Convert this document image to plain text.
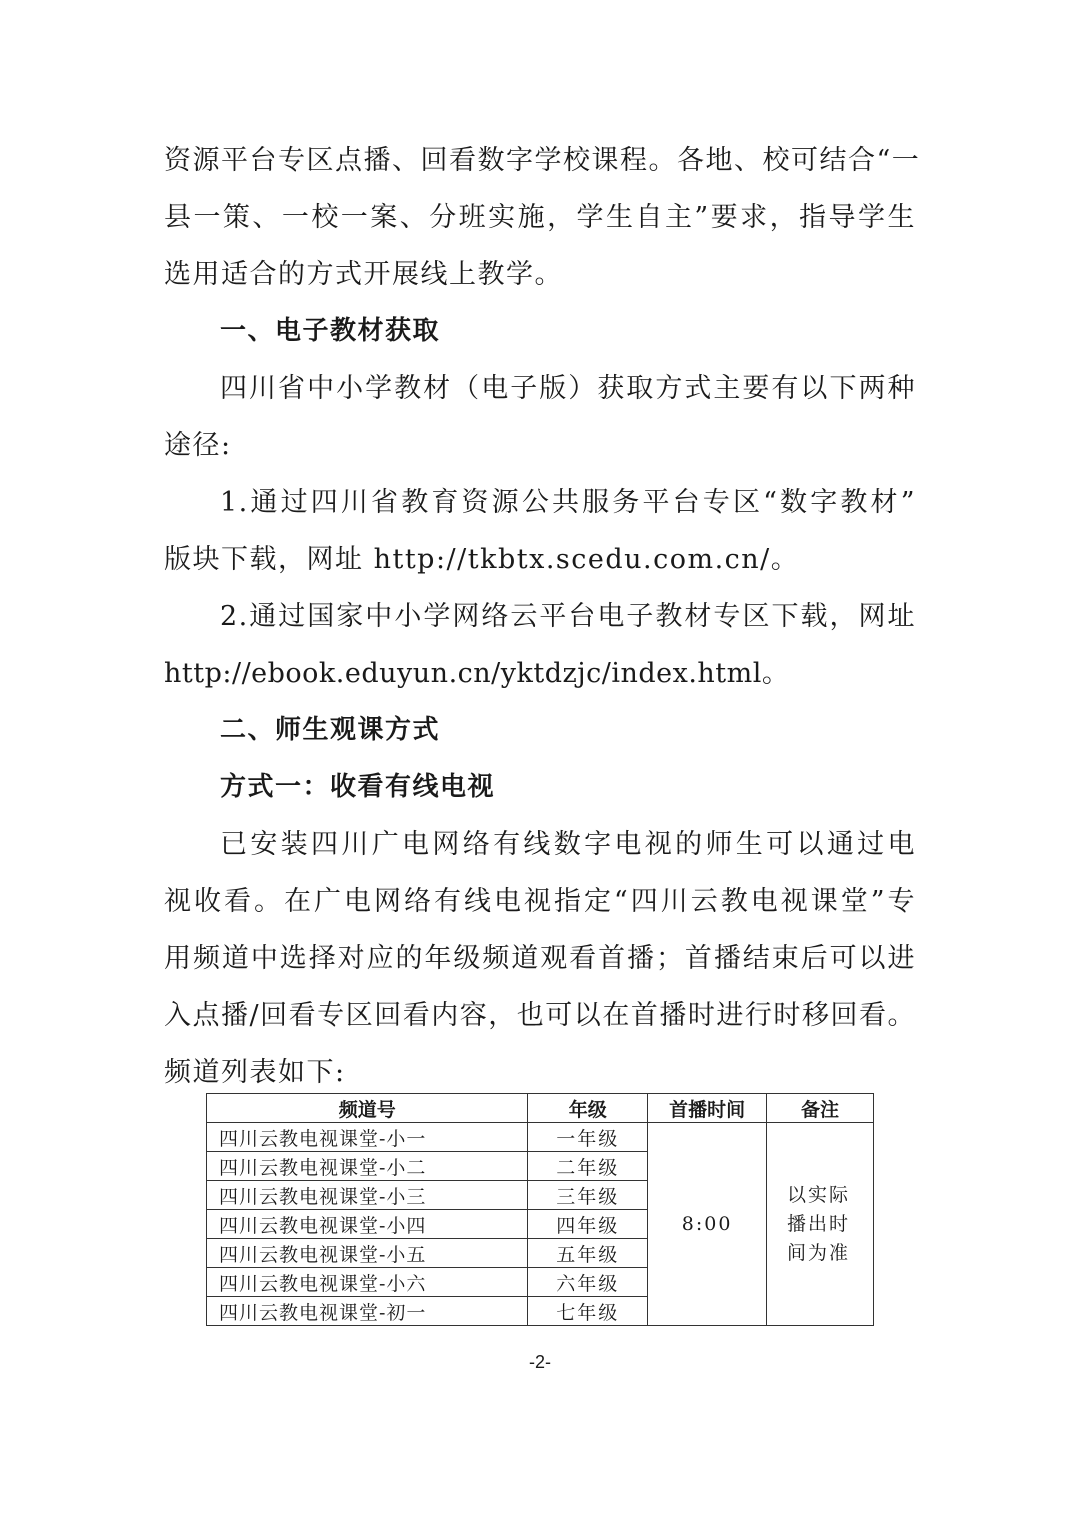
资源平台专区点播、回看数字学校课程。各地、校可结合“一
县一策、一校一案、分班实施，学生自主”要求，指导学生
选用适合的方式开展线上教学。
一、电子教材获取
四川省中小学教材（电子版）获取方式主要有以下两种
途径:
1.通过四川省教育资源公共服务平台专区“数字教材”
版块下载，网址 http://tkbtx.scedu.com.cn/。
2.通过国家中小学网络云平台电子教材专区下载，网址
http://ebook.eduyun.cn/yktdzjc/index.html。
二、师生观课方式
方式一：收看有线电视
已安装四川广电网络有线数字电视的师生可以通过电
视收看。在广电网络有线电视指定“四川云教电视课堂”专
用频道中选择对应的年级频道观看首播；首播结束后可以进
入点播/回看专区回看内容，也可以在首播时进行时移回看。
频道列表如下:
频道号	年级	首播时间	备注
四川云教电视课堂-小一	一年级	8:00	以实际播出时间为准
四川云教电视课堂-小二	二年级		
四川云教电视课堂-小三	三年级		
四川云教电视课堂-小四	四年级		
四川云教电视课堂-小五	五年级		
四川云教电视课堂-小六	六年级		
四川云教电视课堂-初一	七年级		
-2-
